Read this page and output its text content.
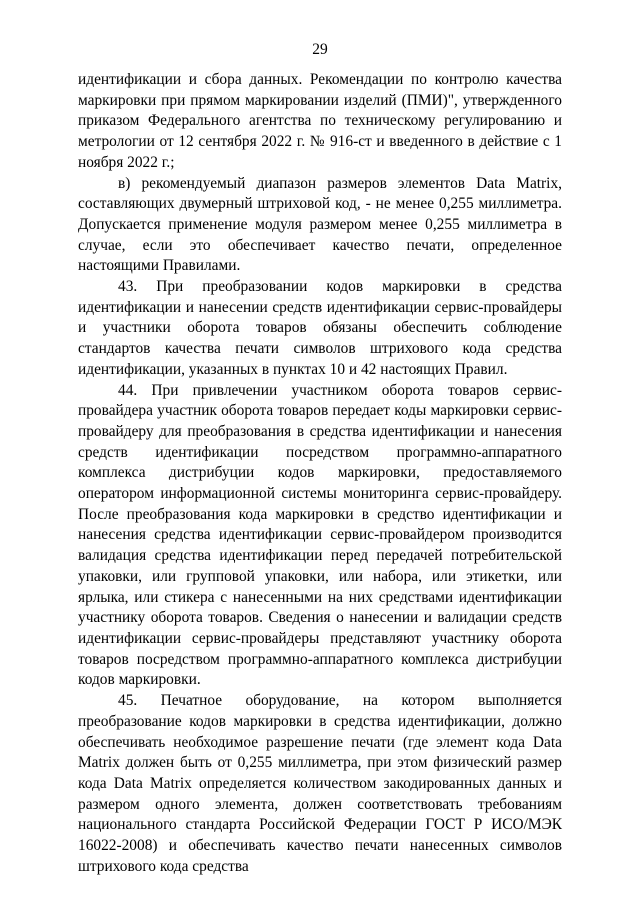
29

идентификации и сбора данных. Рекомендации по контролю качества маркировки при прямом маркировании изделий (ПМИ)", утвержденного приказом Федерального агентства по техническому регулированию и метрологии от 12 сентября 2022 г. № 916-ст и введенного в действие с 1 ноября 2022 г.;

в) рекомендуемый диапазон размеров элементов Data Matrix, составляющих двумерный штриховой код, - не менее 0,255 миллиметра. Допускается применение модуля размером менее 0,255 миллиметра в случае, если это обеспечивает качество печати, определенное настоящими Правилами.

43. При преобразовании кодов маркировки в средства идентификации и нанесении средств идентификации сервис-провайдеры и участники оборота товаров обязаны обеспечить соблюдение стандартов качества печати символов штрихового кода средства идентификации, указанных в пунктах 10 и 42 настоящих Правил.

44. При привлечении участником оборота товаров сервис-провайдера участник оборота товаров передает коды маркировки сервис-провайдеру для преобразования в средства идентификации и нанесения средств идентификации посредством программно-аппаратного комплекса дистрибуции кодов маркировки, предоставляемого оператором информационной системы мониторинга сервис-провайдеру. После преобразования кода маркировки в средство идентификации и нанесения средства идентификации сервис-провайдером производится валидация средства идентификации перед передачей потребительской упаковки, или групповой упаковки, или набора, или этикетки, или ярлыка, или стикера с нанесенными на них средствами идентификации участнику оборота товаров. Сведения о нанесении и валидации средств идентификации сервис-провайдеры представляют участнику оборота товаров посредством программно-аппаратного комплекса дистрибуции кодов маркировки.

45. Печатное оборудование, на котором выполняется преобразование кодов маркировки в средства идентификации, должно обеспечивать необходимое разрешение печати (где элемент кода Data Matrix должен быть от 0,255 миллиметра, при этом физический размер кода Data Matrix определяется количеством закодированных данных и размером одного элемента, должен соответствовать требованиям национального стандарта Российской Федерации ГОСТ Р ИСО/МЭК 16022-2008) и обеспечивать качество печати нанесенных символов штрихового кода средства
